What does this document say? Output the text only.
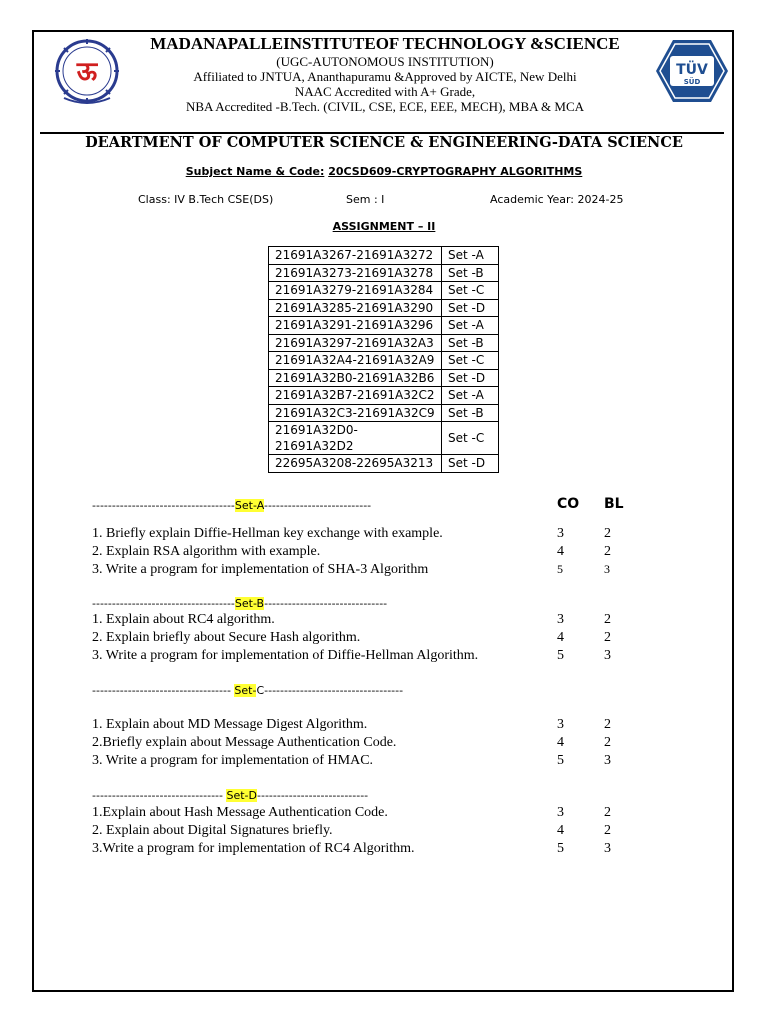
ऊ	TÜV
SÜD
MADANAPALLEINSTITUTEOF TECHNOLOGY &SCIENCE
(UGC-AUTONOMOUS INSTITUTION)
Affiliated to JNTUA, Ananthapuramu &Approved by AICTE, New Delhi
NAAC Accredited with A+ Grade,
NBA Accredited -B.Tech. (CIVIL, CSE, ECE, EEE, MECH), MBA & MCA
DEARTMENT OF COMPUTER SCIENCE & ENGINEERING-DATA SCIENCE
Subject Name & Code: 20CSD609-CRYPTOGRAPHY ALGORITHMS
Class: IV B.Tech CSE(DS)	Sem : I	Academic Year: 2024-25
ASSIGNMENT – II
21691A3267-21691A3272	Set -A
21691A3273-21691A3278	Set -B
21691A3279-21691A3284	Set -C
21691A3285-21691A3290	Set -D
21691A3291-21691A3296	Set -A
21691A3297-21691A32A3	Set -B
21691A32A4-21691A32A9	Set -C
21691A32B0-21691A32B6	Set -D
21691A32B7-21691A32C2	Set -A
21691A32C3-21691A32C9	Set -B
21691A32D0-21691A32D2	Set -C
22695A3208-22695A3213	Set -D
CO BL
------------------------------------Set-A---------------------------
1. Briefly explain Diffie-Hellman key exchange with example.	3	2
2. Explain RSA algorithm with example.	4	2
3. Write a program for implementation of SHA-3 Algorithm	5	3
------------------------------------Set-B-------------------------------
1. Explain about RC4 algorithm.	3	2
2. Explain briefly about Secure Hash algorithm.	4	2
3. Write a program for implementation of Diffie-Hellman Algorithm.	5	3
----------------------------------- Set-C-----------------------------------
1. Explain about MD Message Digest Algorithm.	3	2
2.Briefly explain about Message Authentication Code.	4	2
3. Write a program for implementation of HMAC.	5	3
--------------------------------- Set-D----------------------------
1.Explain about Hash Message Authentication Code.	3	2
2. Explain about Digital Signatures briefly.	4	2
3.Write a program for implementation of RC4 Algorithm.	5	3
